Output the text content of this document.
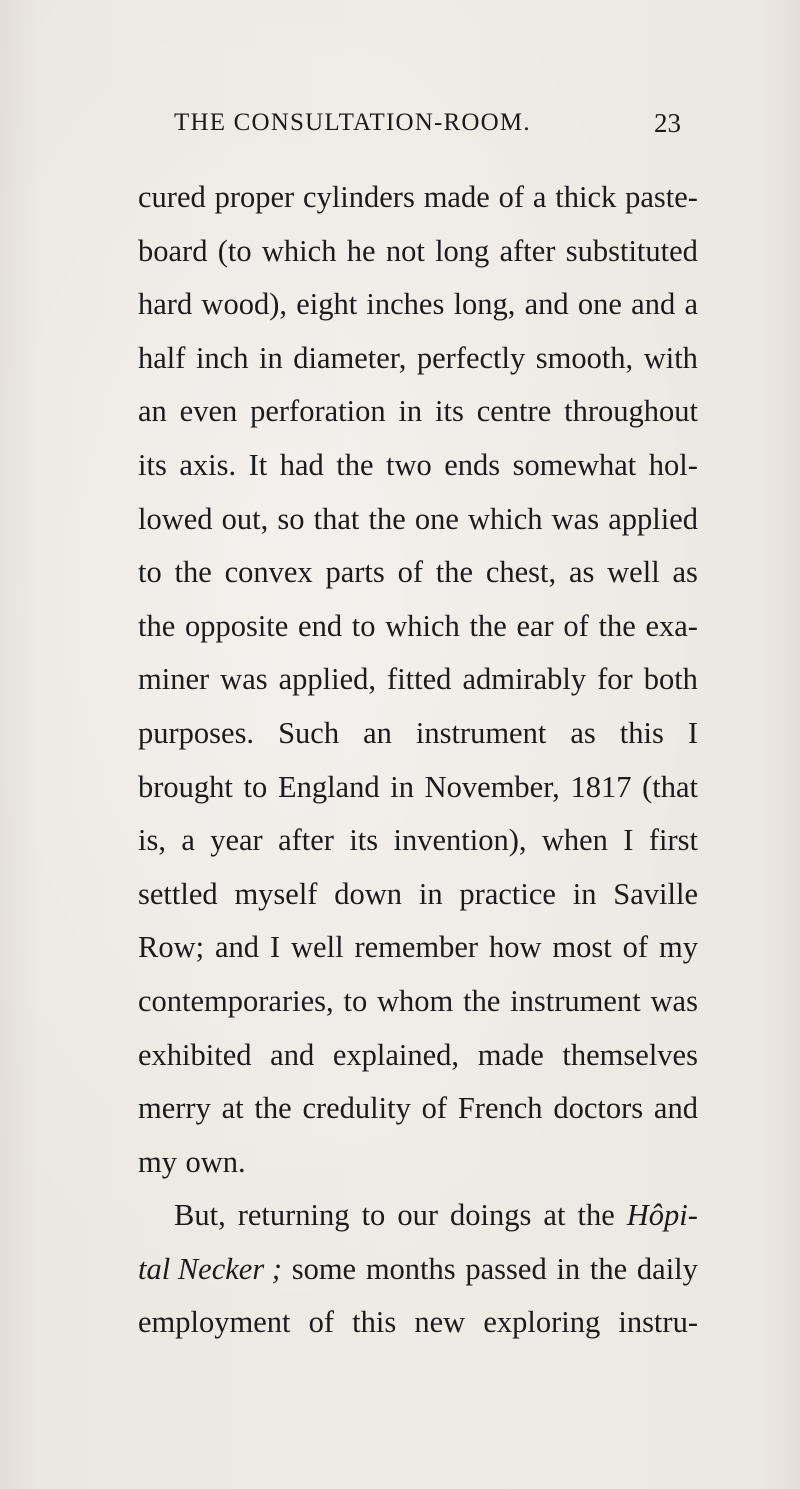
THE CONSULTATION-ROOM.	23
cured proper cylinders made of a thick paste-
board (to which he not long after substituted
hard wood), eight inches long, and one and a
half inch in diameter, perfectly smooth, with
an even perforation in its centre throughout
its axis. It had the two ends somewhat hol-
lowed out, so that the one which was applied
to the convex parts of the chest, as well as
the opposite end to which the ear of the exa-
miner was applied, fitted admirably for both
purposes. Such an instrument as this I
brought to England in November, 1817 (that
is, a year after its invention), when I first
settled myself down in practice in Saville
Row; and I well remember how most of my
contemporaries, to whom the instrument was
exhibited and explained, made themselves
merry at the credulity of French doctors and
my own.
But, returning to our doings at the Hôpi-
tal Necker ; some months passed in the daily
employment of this new exploring instru-
